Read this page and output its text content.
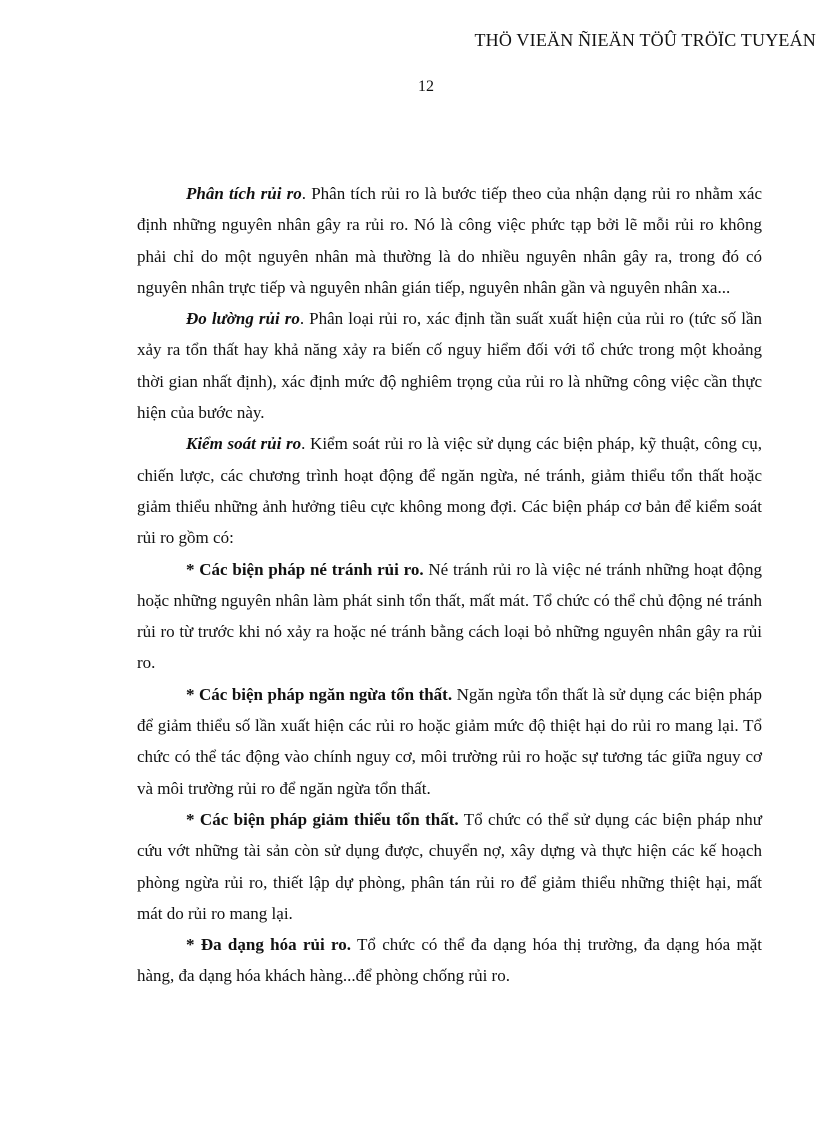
THÖ VIEÄN ÑIEÄN TÖÛ TRÖÏC TUYEÁN
12

Phân tích rủi ro. Phân tích rủi ro là bước tiếp theo của nhận dạng rủi ro nhằm xác định những nguyên nhân gây ra rủi ro. Nó là công việc phức tạp bởi lẽ mỗi rủi ro không phải chỉ do một nguyên nhân mà thường là do nhiều nguyên nhân gây ra, trong đó có nguyên nhân trực tiếp và nguyên nhân gián tiếp, nguyên nhân gần và nguyên nhân xa...

Đo lường rủi ro. Phân loại rủi ro, xác định tần suất xuất hiện của rủi ro (tức số lần xảy ra tổn thất hay khả năng xảy ra biến cố nguy hiểm đối với tổ chức trong một khoảng thời gian nhất định), xác định mức độ nghiêm trọng của rủi ro là những công việc cần thực hiện của bước này.

Kiểm soát rủi ro. Kiểm soát rủi ro là việc sử dụng các biện pháp, kỹ thuật, công cụ, chiến lược, các chương trình hoạt động để ngăn ngừa, né tránh, giảm thiểu tổn thất hoặc giảm thiểu những ảnh hưởng tiêu cực không mong đợi. Các biện pháp cơ bản để kiểm soát rủi ro gồm có:

* Các biện pháp né tránh rủi ro. Né tránh rủi ro là việc né tránh những hoạt động hoặc những nguyên nhân làm phát sinh tổn thất, mất mát. Tổ chức có thể chủ động né tránh rủi ro từ trước khi nó xảy ra hoặc né tránh bằng cách loại bỏ những nguyên nhân gây ra rủi ro.

* Các biện pháp ngăn ngừa tổn thất. Ngăn ngừa tổn thất là sử dụng các biện pháp để giảm thiểu số lần xuất hiện các rủi ro hoặc giảm mức độ thiệt hại do rủi ro mang lại. Tổ chức có thể tác động vào chính nguy cơ, môi trường rủi ro hoặc sự tương tác giữa nguy cơ và môi trường rủi ro để ngăn ngừa tổn thất.

* Các biện pháp giảm thiểu tổn thất. Tổ chức có thể sử dụng các biện pháp như cứu vớt những tài sản còn sử dụng được, chuyển nợ, xây dựng và thực hiện các kế hoạch phòng ngừa rủi ro, thiết lập dự phòng, phân tán rủi ro để giảm thiểu những thiệt hại, mất mát do rủi ro mang lại.

* Đa dạng hóa rủi ro. Tổ chức có thể đa dạng hóa thị trường, đa dạng hóa mặt hàng, đa dạng hóa khách hàng...để phòng chống rủi ro.
